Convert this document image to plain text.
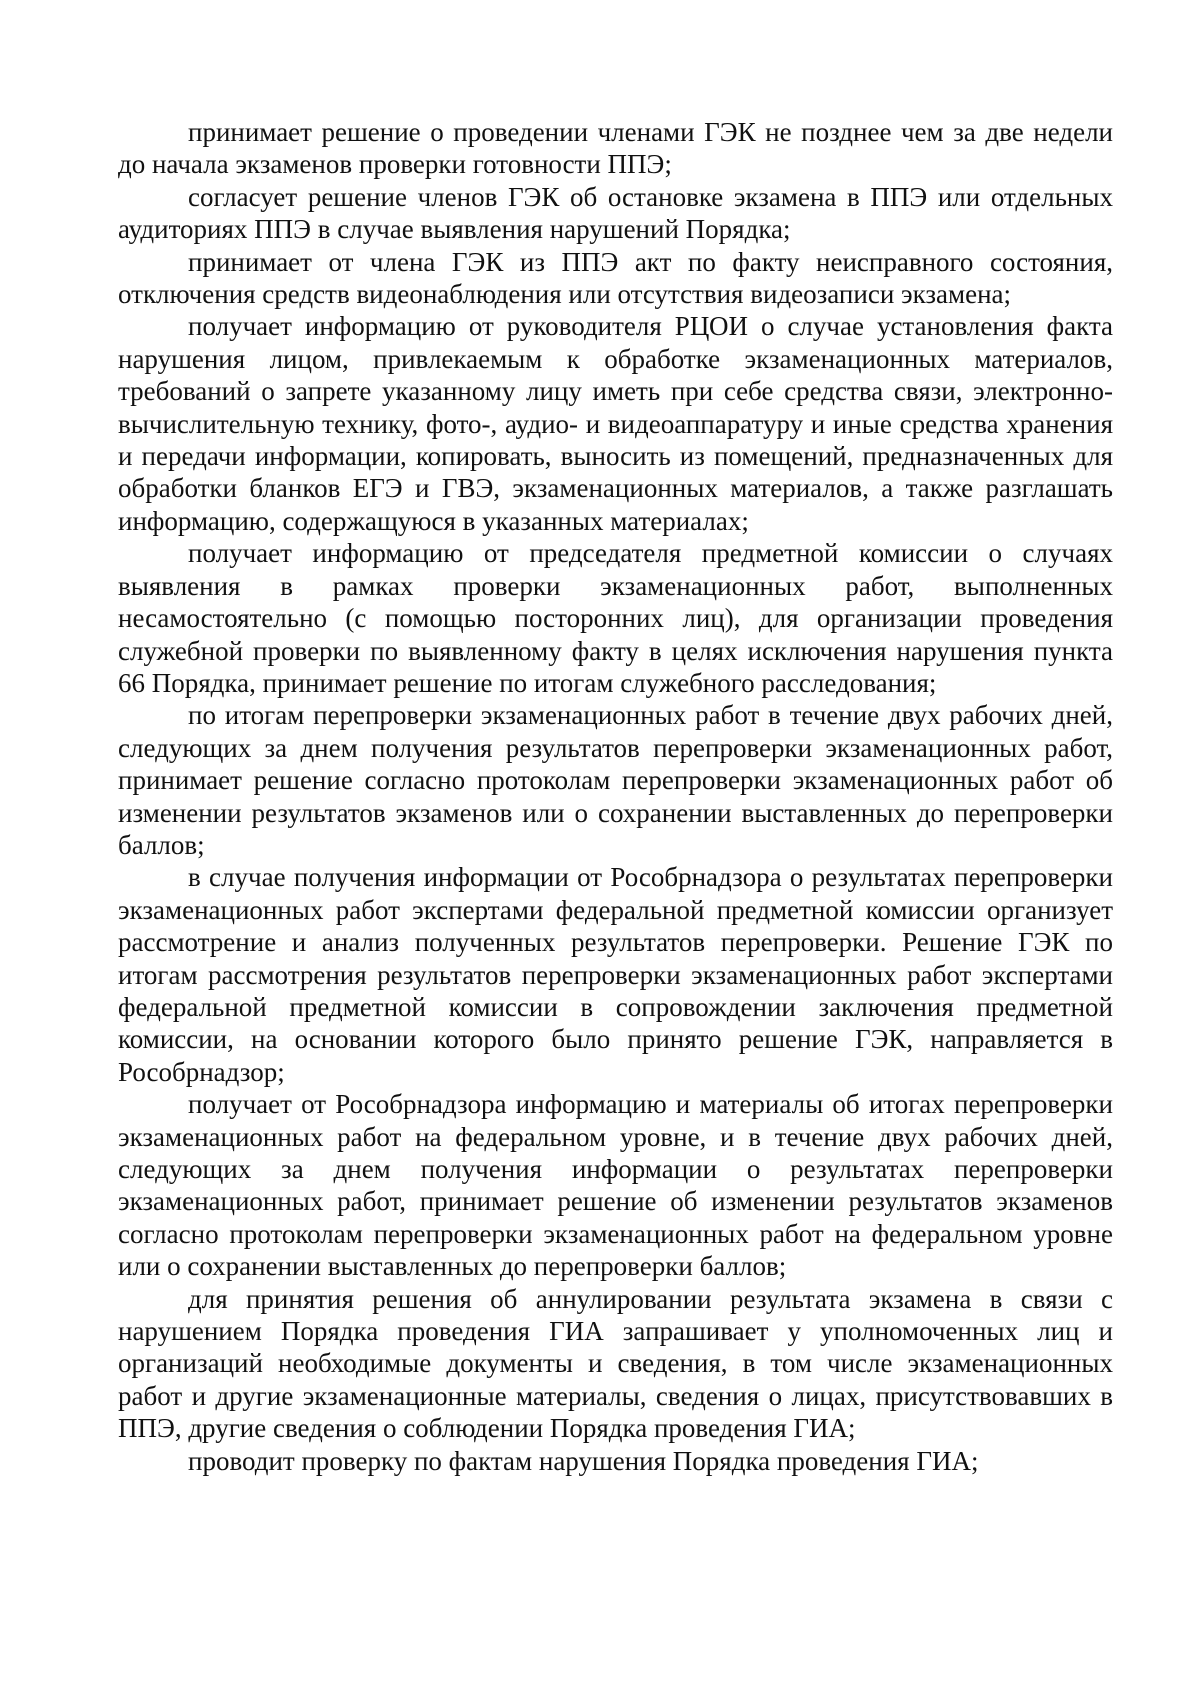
принимает решение о проведении членами ГЭК не позднее чем за две недели до начала экзаменов проверки готовности ППЭ;

согласует решение членов ГЭК об остановке экзамена в ППЭ или отдельных аудиториях ППЭ в случае выявления нарушений Порядка;

принимает от члена ГЭК из ППЭ акт по факту неисправного состояния, отключения средств видеонаблюдения или отсутствия видеозаписи экзамена;

получает информацию от руководителя РЦОИ о случае установления факта нарушения лицом, привлекаемым к обработке экзаменационных материалов, требований о запрете указанному лицу иметь при себе средства связи, электронно-вычислительную технику, фото-, аудио- и видеоаппаратуру и иные средства хранения и передачи информации, копировать, выносить из помещений, предназначенных для обработки бланков ЕГЭ и ГВЭ, экзаменационных материалов, а также разглашать информацию, содержащуюся в указанных материалах;

получает информацию от председателя предметной комиссии о случаях выявления в рамках проверки экзаменационных работ, выполненных несамостоятельно (с помощью посторонних лиц), для организации проведения служебной проверки по выявленному факту в целях исключения нарушения пункта 66 Порядка, принимает решение по итогам служебного расследования;

по итогам перепроверки экзаменационных работ в течение двух рабочих дней, следующих за днем получения результатов перепроверки экзаменационных работ, принимает решение согласно протоколам перепроверки экзаменационных работ об изменении результатов экзаменов или о сохранении выставленных до перепроверки баллов;

в случае получения информации от Рособрнадзора о результатах перепроверки экзаменационных работ экспертами федеральной предметной комиссии организует рассмотрение и анализ полученных результатов перепроверки. Решение ГЭК по итогам рассмотрения результатов перепроверки экзаменационных работ экспертами федеральной предметной комиссии в сопровождении заключения предметной комиссии, на основании которого было принято решение ГЭК, направляется в Рособрнадзор;

получает от Рособрнадзора информацию и материалы об итогах перепроверки экзаменационных работ на федеральном уровне, и в течение двух рабочих дней, следующих за днем получения информации о результатах перепроверки экзаменационных работ, принимает решение об изменении результатов экзаменов согласно протоколам перепроверки экзаменационных работ на федеральном уровне или о сохранении выставленных до перепроверки баллов;

для принятия решения об аннулировании результата экзамена в связи с нарушением Порядка проведения ГИА запрашивает у уполномоченных лиц и организаций необходимые документы и сведения, в том числе экзаменационных работ и другие экзаменационные материалы, сведения о лицах, присутствовавших в ППЭ, другие сведения о соблюдении Порядка проведения ГИА;

проводит проверку по фактам нарушения Порядка проведения ГИА;
